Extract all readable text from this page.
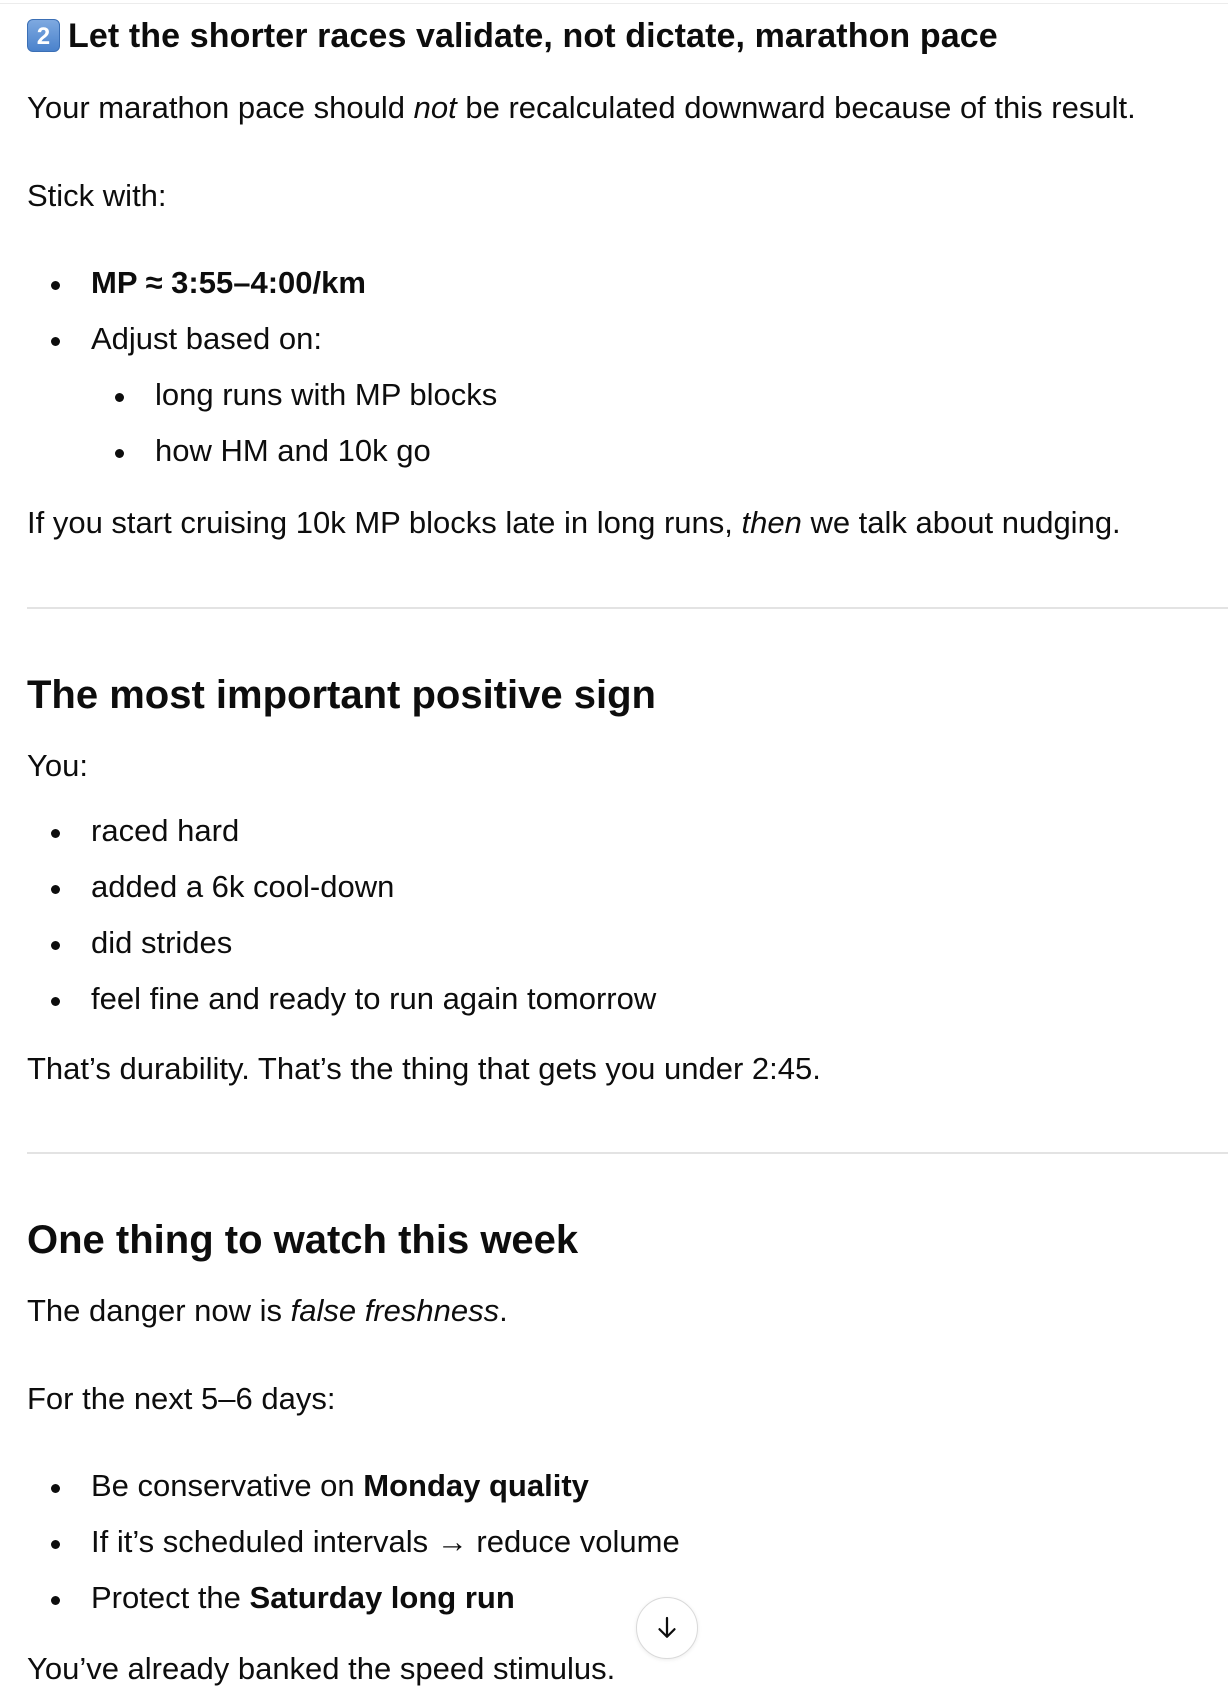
2 Let the shorter races validate, not dictate, marathon pace
Your marathon pace should not be recalculated downward because of this result.
Stick with:
MP ≈ 3:55–4:00/km
Adjust based on:
long runs with MP blocks
how HM and 10k go
If you start cruising 10k MP blocks late in long runs, then we talk about nudging.
The most important positive sign
You:
raced hard
added a 6k cool-down
did strides
feel fine and ready to run again tomorrow
That’s durability. That’s the thing that gets you under 2:45.
One thing to watch this week
The danger now is false freshness.
For the next 5–6 days:
Be conservative on Monday quality
If it’s scheduled intervals → reduce volume
Protect the Saturday long run
You’ve already banked the speed stimulus.
